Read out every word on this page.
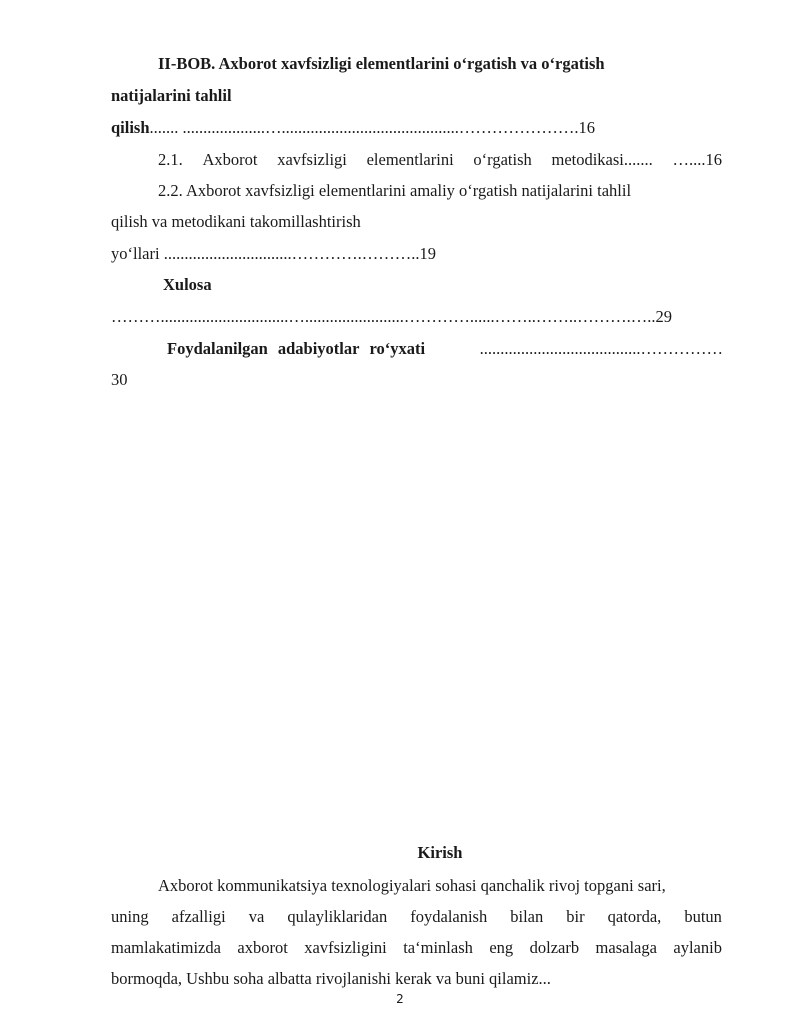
II-BOB. Axborot xavfsizligi elementlarini o‘rgatish va o‘rgatish
natijalarini tahlil
qilish....... ....................…...........................................………………….16
2.1. Axborot xavfsizligi elementlarini o‘rgatish metodikasi....... …....16
2.2. Axborot xavfsizligi elementlarini amaliy o‘rgatish natijalarini tahlil
qilish va metodikani takomillashtirish
yo‘llari ...............................………….………..19
Xulosa
………...............................…........................…………......……..……..……….…..29
Foydalanilgan adabiyotlar ro‘yxati	.......................................……………
30
Kirish
Axborot kommunikatsiya texnologiyalari sohasi qanchalik rivoj topgani sari,
uning afzalligi va qulayliklaridan foydalanish bilan bir qatorda, butun
mamlakatimizda axborot xavfsizligini ta‘minlash eng dolzarb masalaga aylanib
bormoqda, Ushbu soha albatta rivojlanishi kerak va buni qilamiz...
2
